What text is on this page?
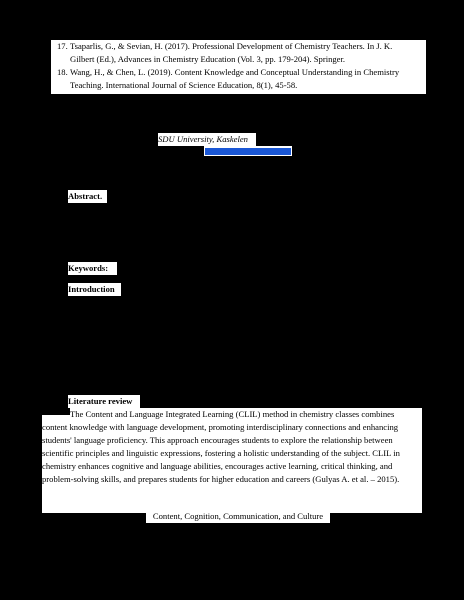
17. Tsaparlis, G., & Sevian, H. (2017). Professional Development of Chemistry Teachers. In J. K.
Gilbert (Ed.), Advances in Chemistry Education (Vol. 3, pp. 179-204). Springer.
18. Wang, H., & Chen, L. (2019). Content Knowledge and Conceptual Understanding in Chemistry
Teaching. International Journal of Science Education, 8(1), 45-58.
SDU University, Kaskelen
Abstract.
Keywords:
Introduction
Literature review
The Content and Language Integrated Learning (CLIL) method in chemistry classes combines
content knowledge with language development, promoting interdisciplinary connections and enhancing
students' language proficiency. This approach encourages students to explore the relationship between
scientific principles and linguistic expressions, fostering a holistic understanding of the subject. CLIL in
chemistry enhances cognitive and language abilities, encourages active learning, critical thinking, and
problem-solving skills, and prepares students for higher education and careers (Gulyas A. et al. – 2015).
Content, Cognition, Communication, and Culture
